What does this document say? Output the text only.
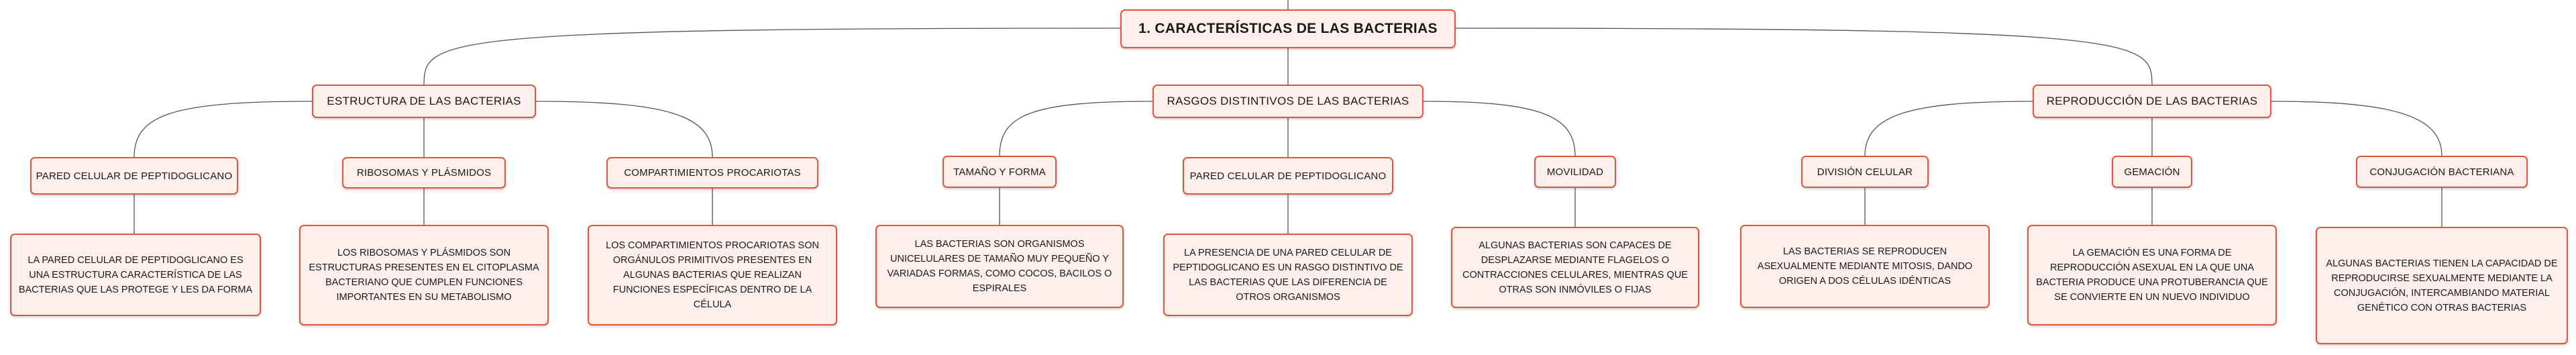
1. CARACTERÍSTICAS DE LAS BACTERIAS
ESTRUCTURA DE LAS BACTERIAS	RASGOS DISTINTIVOS DE LAS BACTERIAS	REPRODUCCIÓN DE LAS BACTERIAS
PARED CELULAR DE PEPTIDOGLICANO	RIBOSOMAS Y PLÁSMIDOS	COMPARTIMIENTOS PROCARIOTAS	TAMAÑO Y FORMA	PARED CELULAR DE PEPTIDOGLICANO	MOVILIDAD	DIVISIÓN CELULAR	GEMACIÓN	CONJUGACIÓN BACTERIANA
LA PARED CELULAR DE PEPTIDOGLICANO ES UNA ESTRUCTURA CARACTERÍSTICA DE LAS BACTERIAS QUE LAS PROTEGE Y LES DA FORMA
LOS RIBOSOMAS Y PLÁSMIDOS SON ESTRUCTURAS PRESENTES EN EL CITOPLASMA BACTERIANO QUE CUMPLEN FUNCIONES IMPORTANTES EN SU METABOLISMO
LOS COMPARTIMIENTOS PROCARIOTAS SON ORGÁNULOS PRIMITIVOS PRESENTES EN ALGUNAS BACTERIAS QUE REALIZAN FUNCIONES ESPECÍFICAS DENTRO DE LA CÉLULA
LAS BACTERIAS SON ORGANISMOS UNICELULARES DE TAMAÑO MUY PEQUEÑO Y VARIADAS FORMAS, COMO COCOS, BACILOS O ESPIRALES
LA PRESENCIA DE UNA PARED CELULAR DE PEPTIDOGLICANO ES UN RASGO DISTINTIVO DE LAS BACTERIAS QUE LAS DIFERENCIA DE OTROS ORGANISMOS
ALGUNAS BACTERIAS SON CAPACES DE DESPLAZARSE MEDIANTE FLAGELOS O CONTRACCIONES CELULARES, MIENTRAS QUE OTRAS SON INMÓVILES O FIJAS
LAS BACTERIAS SE REPRODUCEN ASEXUALMENTE MEDIANTE MITOSIS, DANDO ORIGEN A DOS CÉLULAS IDÉNTICAS
LA GEMACIÓN ES UNA FORMA DE REPRODUCCIÓN ASEXUAL EN LA QUE UNA BACTERIA PRODUCE UNA PROTUBERANCIA QUE SE CONVIERTE EN UN NUEVO INDIVIDUO
ALGUNAS BACTERIAS TIENEN LA CAPACIDAD DE REPRODUCIRSE SEXUALMENTE MEDIANTE LA CONJUGACIÓN, INTERCAMBIANDO MATERIAL GENÉTICO CON OTRAS BACTERIAS
